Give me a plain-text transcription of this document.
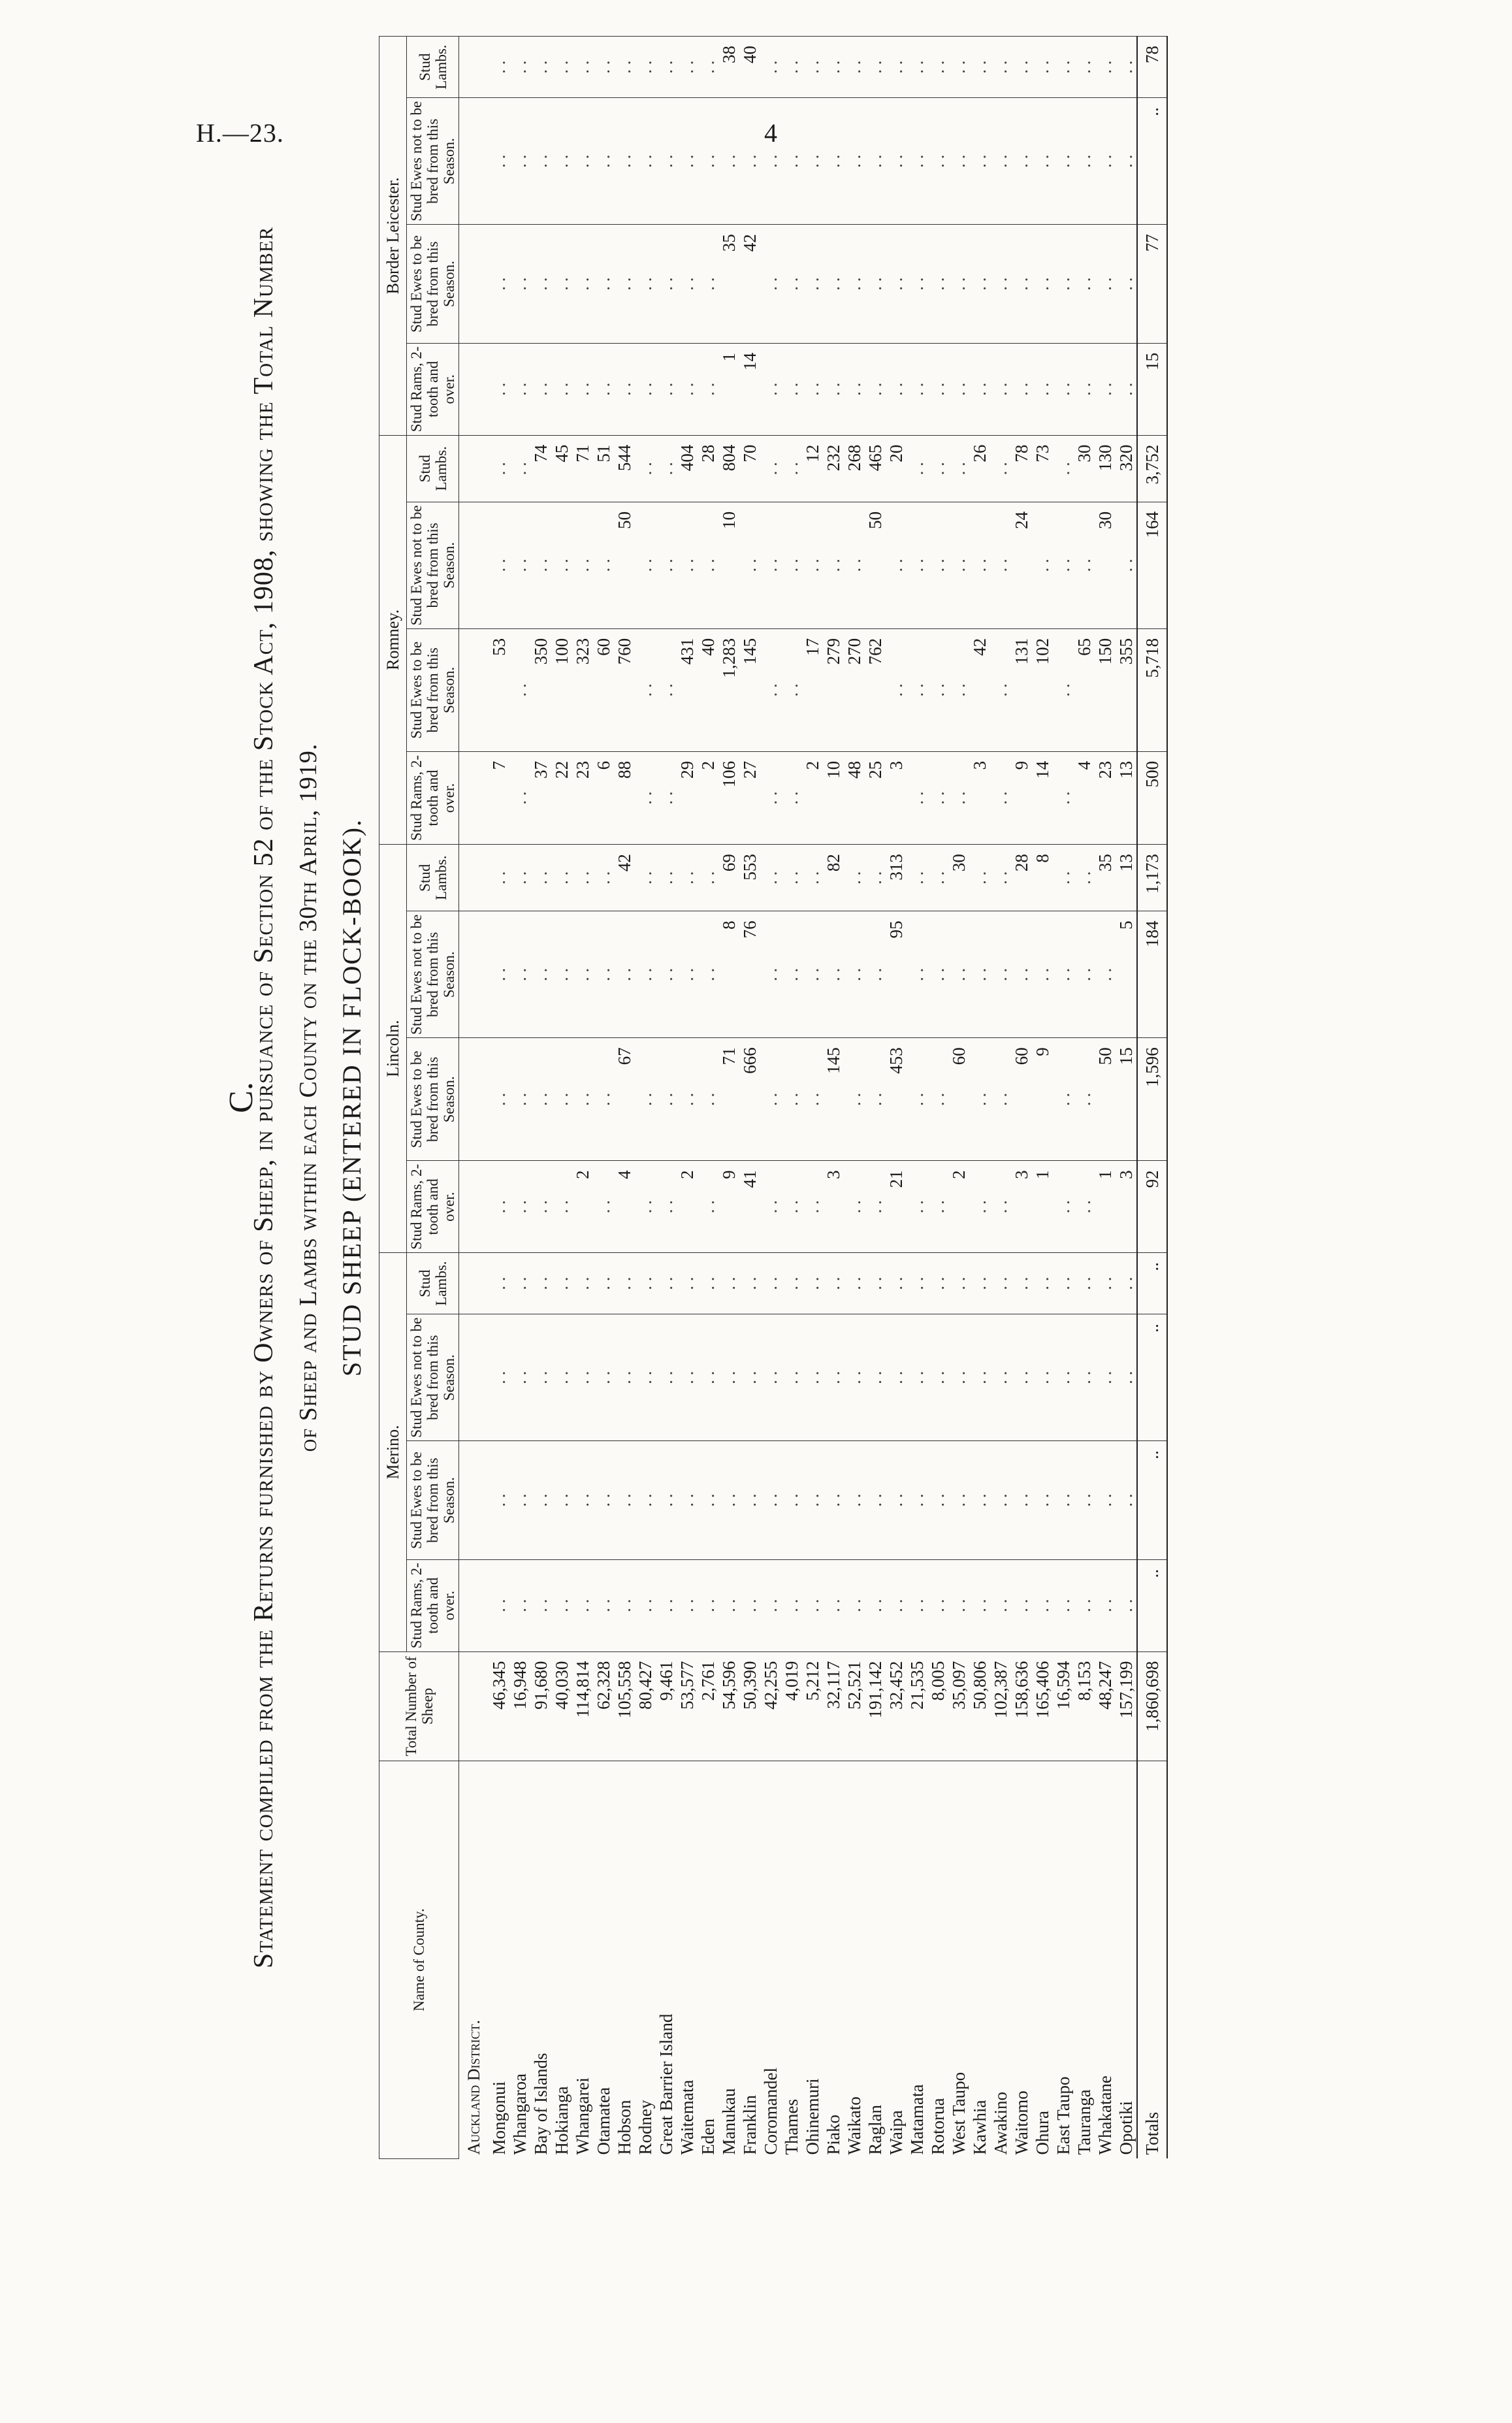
H.—23.	4
C.
Statement compiled from the Returns furnished by Owners of Sheep, in pursuance of Section 52 of the Stock Act, 1908, showing the Total Number of Sheep and Lambs within each County on the 30th April, 1919. STUD SHEEP (ENTERED IN FLOCK-BOOK).
Name of County.	Total Number of Sheep	Merino.				Lincoln.				Romney.				Border Leicester.			
		Stud Rams, 2-tooth and over.	Stud Ewes to be bred from this Season.	Stud Ewes not to be bred from this Season.	Stud Lambs.	Stud Rams, 2-tooth and over.	Stud Ewes to be bred from this Season.	Stud Ewes not to be bred from this Season.	Stud Lambs.	Stud Rams, 2-tooth and over.	Stud Ewes to be bred from this Season.	Stud Ewes not to be bred from this Season.	Stud Lambs.	Stud Rams, 2-tooth and over.	Stud Ewes to be bred from this Season.	Stud Ewes not to be bred from this Season.	Stud Lambs.
Auckland District.																	
Mongonui	46,345	. .	. .	. .	. .	. .	. .	. .	. .	7	53	. .	. .	. .	. .	. .	. .
Whangaroa	16,948	. .	. .	. .	. .	. .	. .	. .	. .	. .	. .	. .	. .	. .	. .	. .	. .
Bay of Islands	91,680	. .	. .	. .	. .	. .	. .	. .	. .	37	350	. .	74	. .	. .	. .	. .
Hokianga	40,030	. .	. .	. .	. .	. .	. .	. .	. .	22	100	. .	45	. .	. .	. .	. .
Whangarei	114,814	. .	. .	. .	. .	2	. .	. .	. .	23	323	. .	71	. .	. .	. .	. .
Otamatea	62,328	. .	. .	. .	. .	. .	. .	. .	. .	6	60	. .	51	. .	. .	. .	. .
Hobson	105,558	. .	. .	. .	. .	4	67	. .	42	88	760	50	544	. .	. .	. .	. .
Rodney	80,427	. .	. .	. .	. .	. .	. .	. .	. .	. .	. .	. .	. .	. .	. .	. .	. .
Great Barrier Island	9,461	. .	. .	. .	. .	. .	. .	. .	. .	. .	. .	. .	. .	. .	. .	. .	. .
Waitemata	53,577	. .	. .	. .	. .	2	. .	. .	. .	29	431	. .	404	. .	. .	. .	. .
Eden	2,761	. .	. .	. .	. .	. .	. .	. .	. .	2	40	. .	28	. .	. .	. .	. .
Manukau	54,596	. .	. .	. .	. .	9	71	8	69	106	1,283	10	804	1	35	. .	38
Franklin	50,390	. .	. .	. .	. .	41	666	76	553	27	145	. .	70	14	42	. .	40
Coromandel	42,255	. .	. .	. .	. .	. .	. .	. .	. .	. .	. .	. .	. .	. .	. .	. .	. .
Thames	4,019	. .	. .	. .	. .	. .	. .	. .	. .	. .	. .	. .	. .	. .	. .	. .	. .
Ohinemuri	5,212	. .	. .	. .	. .	. .	. .	. .	. .	2	17	. .	12	. .	. .	. .	. .
Piako	32,117	. .	. .	. .	. .	3	145	. .	82	10	279	. .	232	. .	. .	. .	. .
Waikato	52,521	. .	. .	. .	. .	. .	. .	. .	. .	48	270	. .	268	. .	. .	. .	. .
Raglan	191,142	. .	. .	. .	. .	. .	. .	. .	. .	25	762	50	465	. .	. .	. .	. .
Waipa	32,452	. .	. .	. .	. .	21	453	95	313	3	. .	. .	20	. .	. .	. .	. .
Matamata	21,535	. .	. .	. .	. .	. .	. .	. .	. .	. .	. .	. .	. .	. .	. .	. .	. .
Rotorua	8,005	. .	. .	. .	. .	. .	. .	. .	. .	. .	. .	. .	. .	. .	. .	. .	. .
West Taupo	35,097	. .	. .	. .	. .	2	60	. .	30	. .	. .	. .	. .	. .	. .	. .	. .
Kawhia	50,806	. .	. .	. .	. .	. .	. .	. .	. .	3	42	. .	26	. .	. .	. .	. .
Awakino	102,387	. .	. .	. .	. .	. .	. .	. .	. .	. .	. .	. .	. .	. .	. .	. .	. .
Waitomo	158,636	. .	. .	. .	. .	3	60	. .	28	9	131	24	78	. .	. .	. .	. .
Ohura	165,406	. .	. .	. .	. .	1	9	. .	8	14	102	. .	73	. .	. .	. .	. .
East Taupo	16,594	. .	. .	. .	. .	. .	. .	. .	. .	. .	. .	. .	. .	. .	. .	. .	. .
Tauranga	8,153	. .	. .	. .	. .	. .	. .	. .	. .	4	65	. .	30	. .	. .	. .	. .
Whakatane	48,247	. .	. .	. .	. .	1	50	. .	35	23	150	30	130	. .	. .	. .	. .
Opotiki	157,199	. .	. .	. .	. .	3	15	5	13	13	355	. .	320	. .	. .	. .	. .
Totals	1,860,698	..	..	..	..	92	1,596	184	1,173	500	5,718	164	3,752	15	77	..	78
